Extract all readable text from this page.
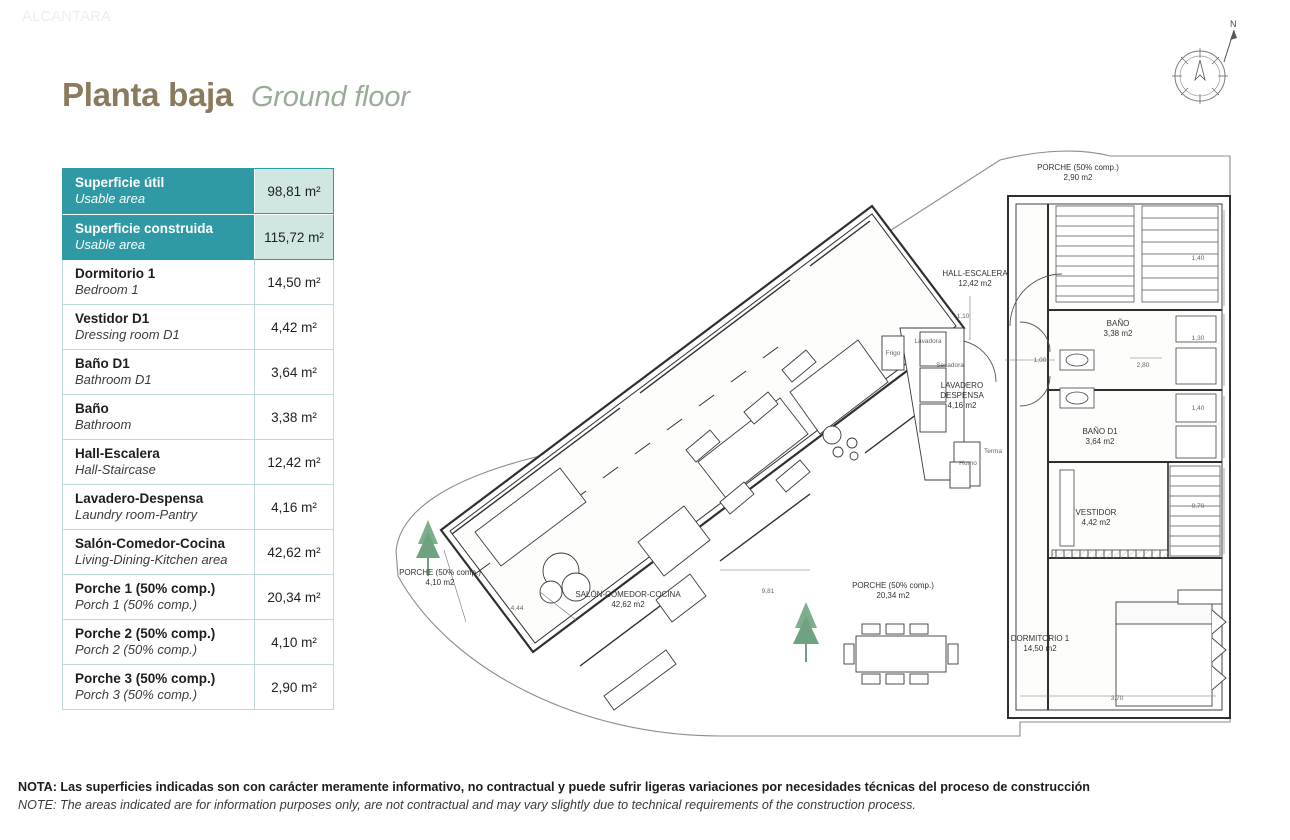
ALCANTARA
Planta baja Ground floor
Superficie útil
Usable area
98,81 m²
Superficie construida
Usable area
115,72 m²
Dormitorio 1
Bedroom 1
14,50 m²
Vestidor D1
Dressing room D1
4,42 m²
Baño D1
Bathroom D1
3,64 m²
Baño
Bathroom
3,38 m²
Hall-Escalera
Hall-Staircase
12,42 m²
Lavadero-Despensa
Laundry room-Pantry
4,16 m²
Salón-Comedor-Cocina
Living-Dining-Kitchen area
42,62 m²
Porche 1 (50% comp.)
Porch 1 (50% comp.)
20,34 m²
Porche 2 (50% comp.)
Porch 2 (50% comp.)
4,10 m²
Porche 3 (50% comp.)
Porch 3 (50% comp.)
2,90 m²
NOTA: Las superficies indicadas son con carácter meramente informativo, no contractual y puede sufrir ligeras variaciones por necesidades técnicas del proceso de construcción
NOTE: The areas indicated are for information purposes only, are not contractual and may vary slightly due to technical requirements of the construction process.
N
PORCHE (50% comp.) 2,90 m2
HALL-ESCALERA 12,42 m2
BAÑO 3,38 m2
LAVADERO DESPENSA 4,16 m2
BAÑO D1 3,64 m2
VESTIDOR 4,42 m2
PORCHE (50% comp.) 20,34 m2
SALÓN-COMEDOR-COCINA 42,62 m2
DORMITORIO 1 14,50 m2
PORCHE (50% comp.) 4,10 m2
1,00
1,10
2,80
1,30
1,40
1,40
0,70
3,70
9,81
4,44
Frigo
Lavadora
Secadora
Horno
Terma
